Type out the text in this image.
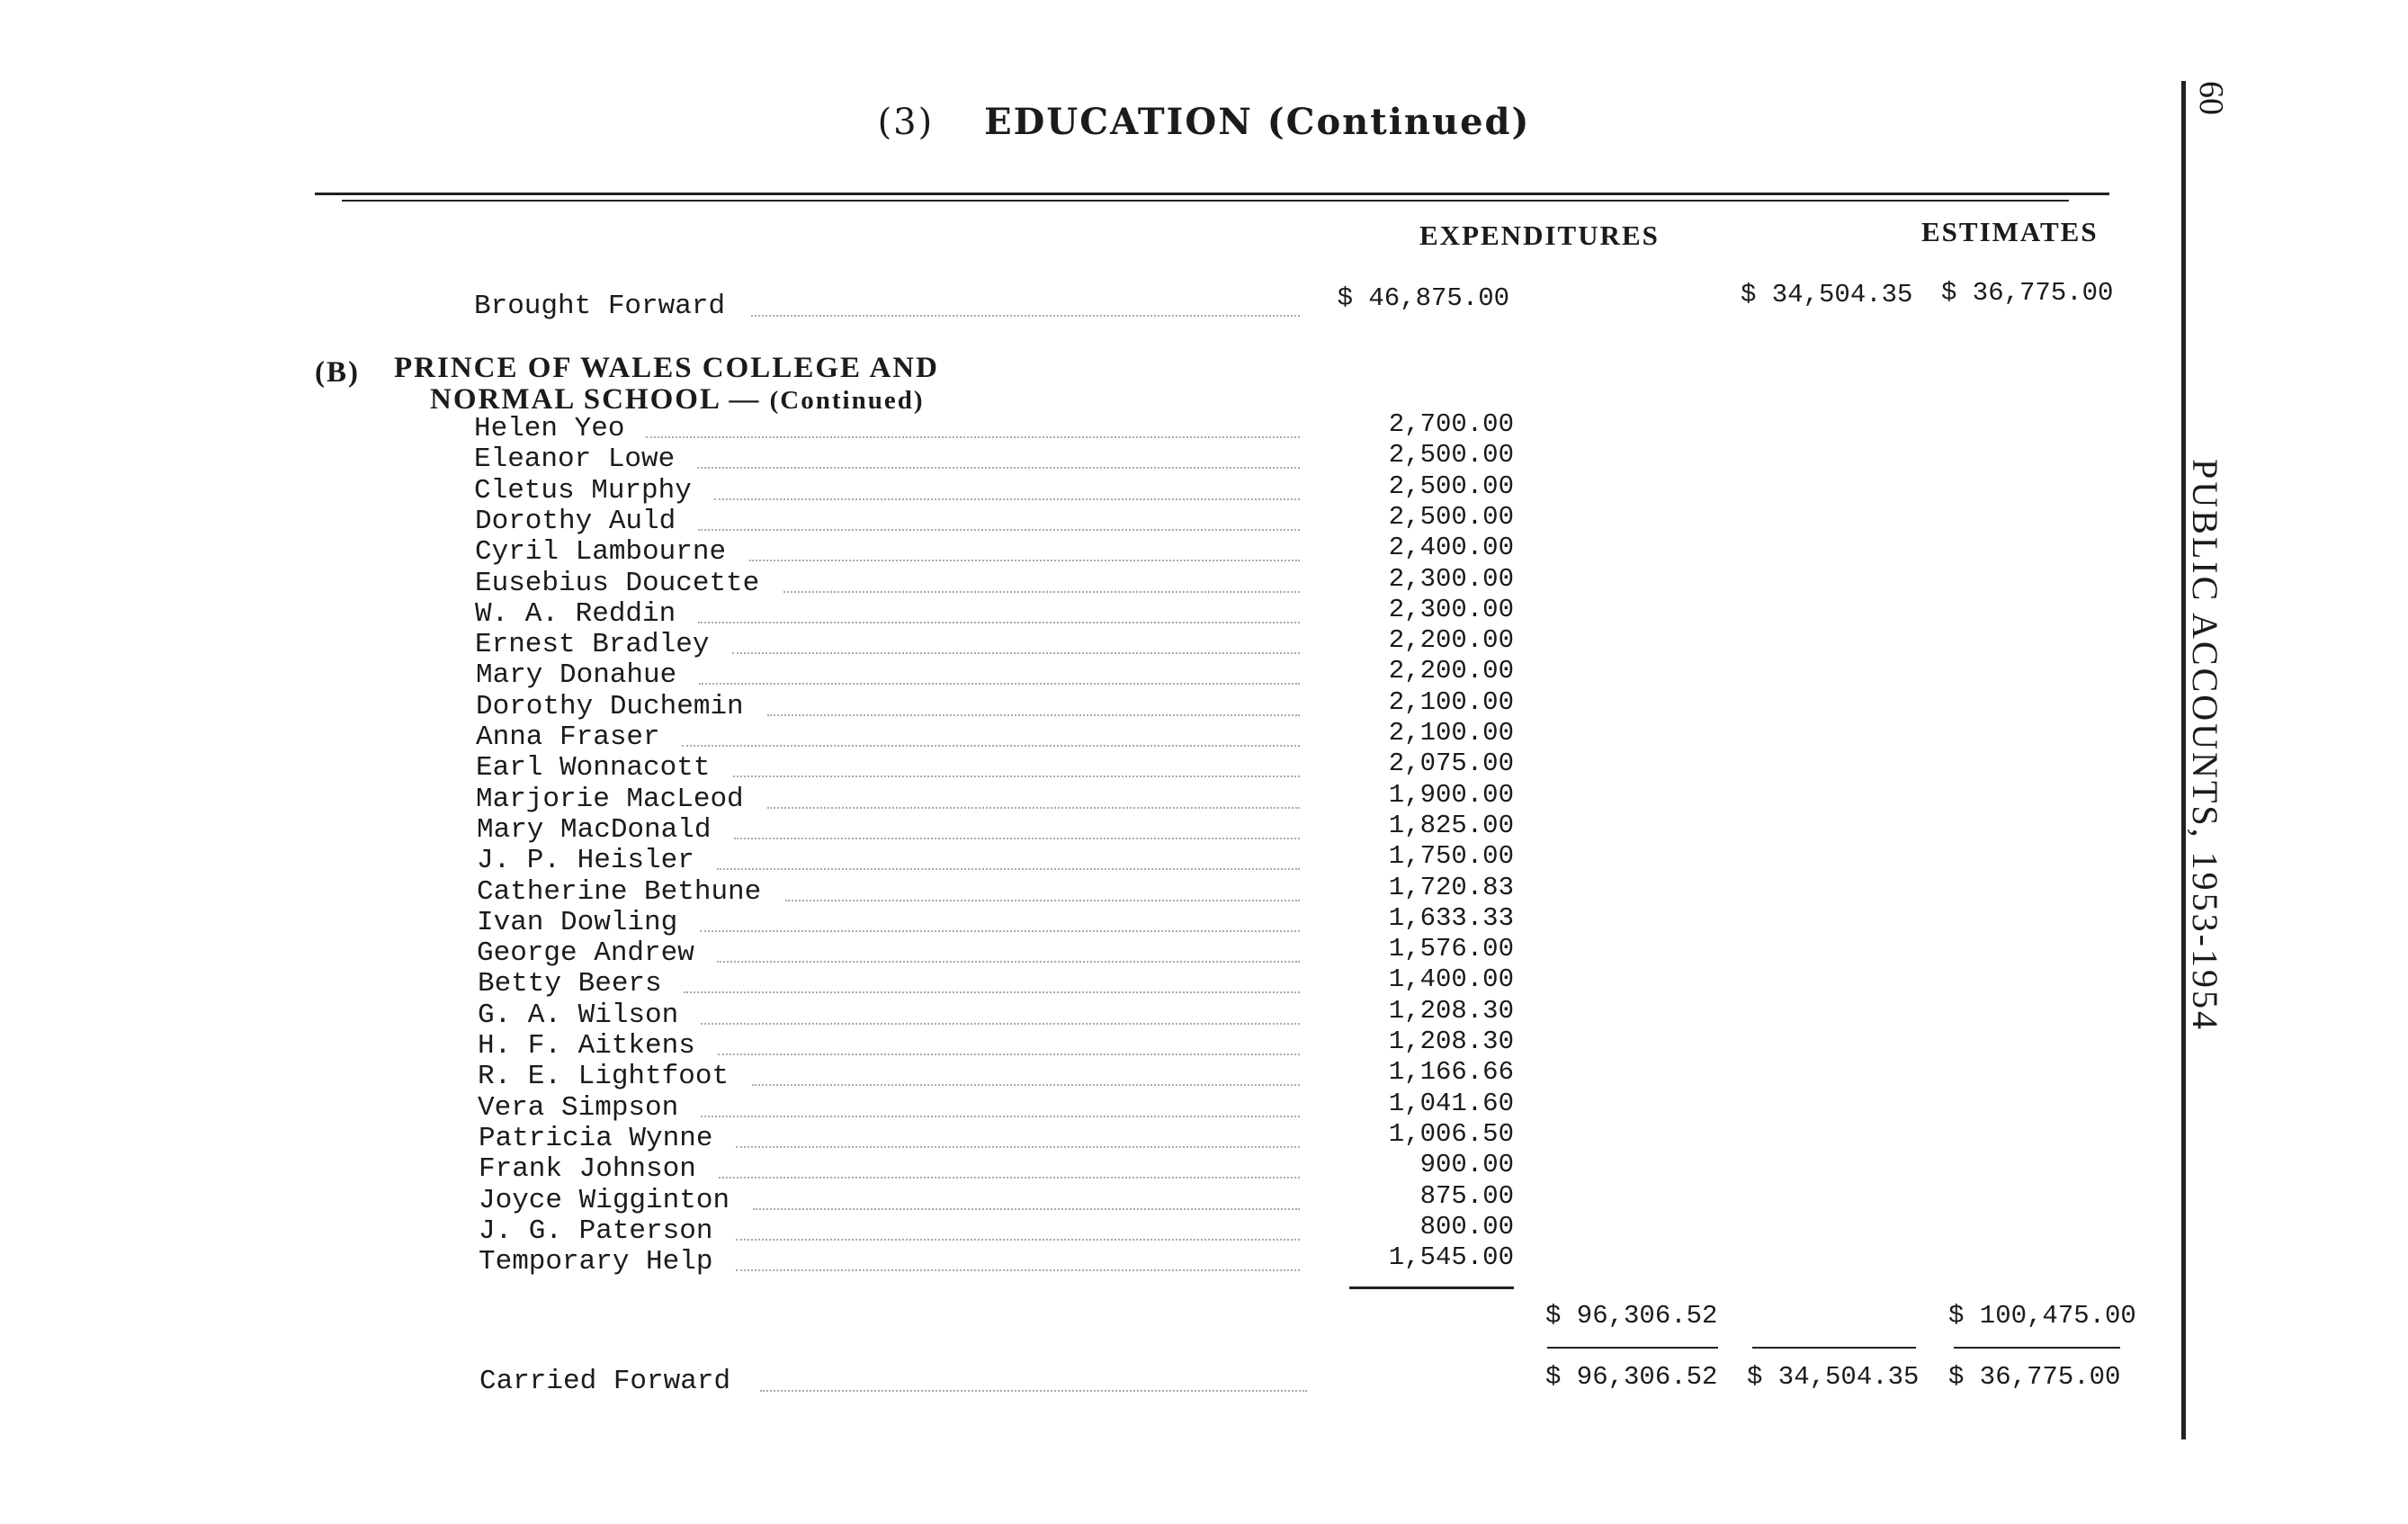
(3) EDUCATION (Continued)
60
PUBLIC ACCOUNTS, 1953-1954
EXPENDITURES	ESTIMATES
Brought Forward	$ 46,875.00	$ 34,504.35 $ 36,775.00
(B) PRINCE OF WALES COLLEGE AND
NORMAL SCHOOL — (Continued)
Helen Yeo	2,700.00
Eleanor Lowe	2,500.00
Cletus Murphy	2,500.00
Dorothy Auld	2,500.00
Cyril Lambourne	2,400.00
Eusebius Doucette	2,300.00
W. A. Reddin	2,300.00
Ernest Bradley	2,200.00
Mary Donahue	2,200.00
Dorothy Duchemin	2,100.00
Anna Fraser	2,100.00
Earl Wonnacott	2,075.00
Marjorie MacLeod	1,900.00
Mary MacDonald	1,825.00
J. P. Heisler	1,750.00
Catherine Bethune	1,720.83
Ivan Dowling	1,633.33
George Andrew	1,576.00
Betty Beers	1,400.00
G. A. Wilson	1,208.30
H. F. Aitkens	1,208.30
R. E. Lightfoot	1,166.66
Vera Simpson	1,041.60
Patricia Wynne	1,006.50
Frank Johnson	900.00
Joyce Wigginton	875.00
J. G. Paterson	800.00
Temporary Help	1,545.00
$ 96,306.52	$ 100,475.00
Carried Forward	$ 96,306.52 $ 34,504.35 $ 36,775.00
